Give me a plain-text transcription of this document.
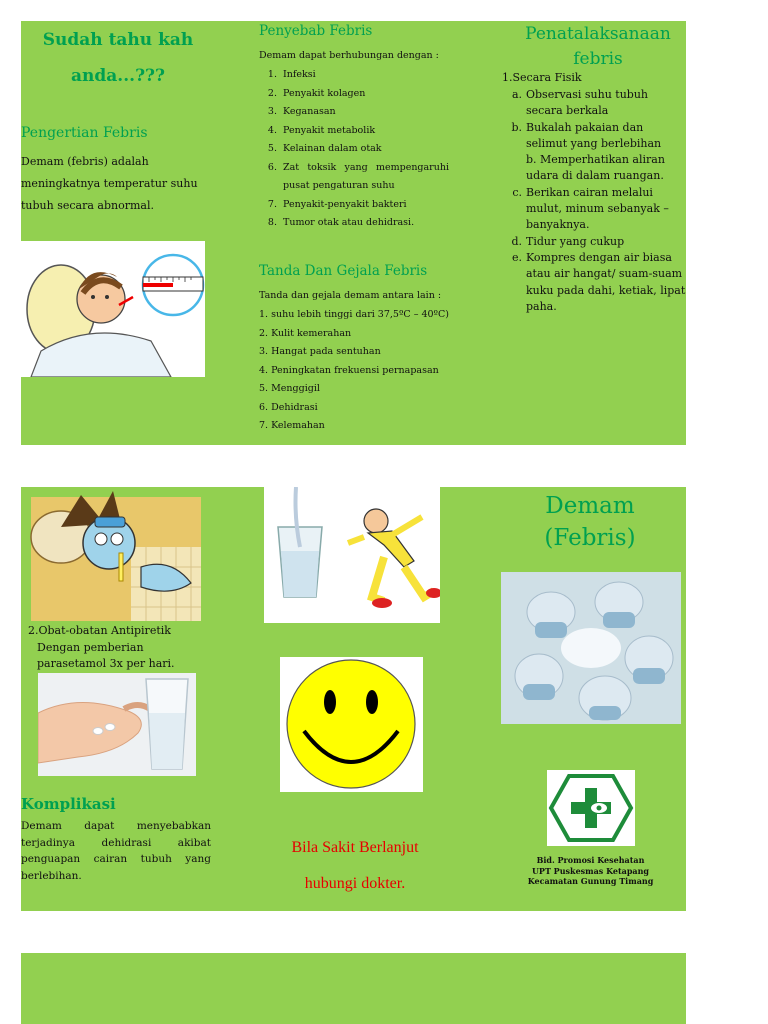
Sudah tahu kah
anda...???
Pengertian Febris
Demam (febris) adalah meningkatnya temperatur suhu tubuh secara abnormal.
Penyebab Febris
Demam dapat berhubungan dengan :
1. Infeksi
2. Penyakit kolagen
3. Keganasan
4. Penyakit metabolik
5. Kelainan dalam otak
6. Zat toksik yang mempengaruhi pusat pengaturan suhu
7. Penyakit-penyakit bakteri
8. Tumor otak atau dehidrasi.
Tanda Dan Gejala Febris
Tanda dan gejala demam antara lain :
1. suhu lebih tinggi dari 37,5ºC – 40ºC)
2. Kulit kemerahan
3. Hangat pada sentuhan
4. Peningkatan frekuensi pernapasan
5. Menggigil
6. Dehidrasi
7. Kelemahan
Penatalaksanaan
febris
1.Secara Fisik
a. Observasi suhu tubuh secara berkala
b. Bukalah pakaian dan selimut yang berlebihan
b. Memperhatikan aliran udara di dalam ruangan.
c. Berikan cairan melalui mulut, minum sebanyak – banyaknya.
d. Tidur yang cukup
e. Kompres dengan air biasa atau air hangat/ suam-suam kuku pada dahi, ketiak, lipat paha.
Demam
(Febris)
2.Obat-obatan Antipiretik
Dengan pemberian parasetamol 3x per hari.
Komplikasi
Demam dapat menyebabkan terjadinya dehidrasi akibat penguapan cairan tubuh yang berlebihan.
Bila Sakit Berlanjut
hubungi dokter.
Bid. Promosi Kesehatan
UPT Puskesmas Ketapang
Kecamatan Gunung Timang
